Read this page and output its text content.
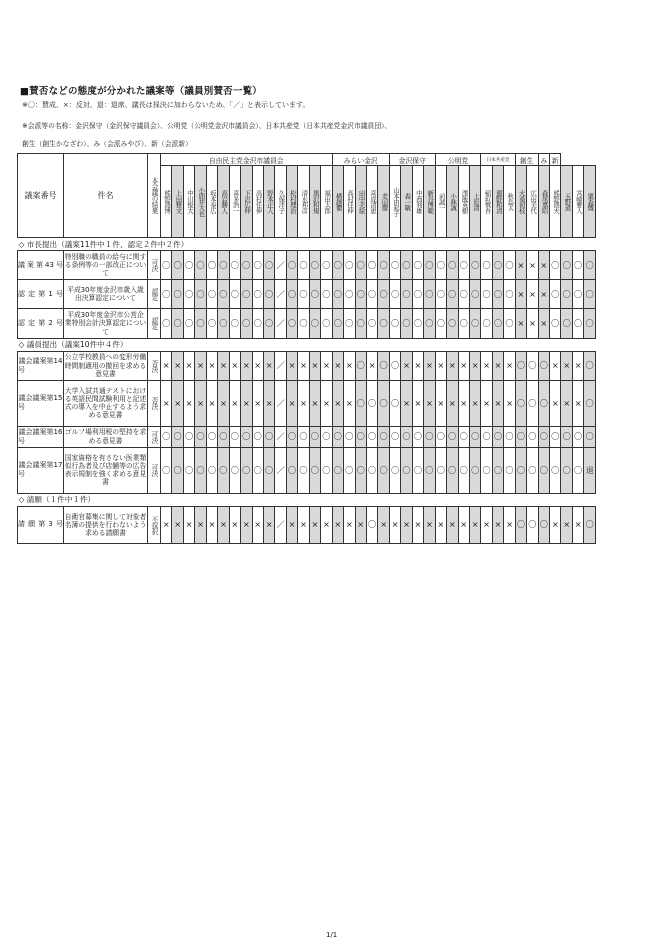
■賛否などの態度が分かれた議案等（議員別賛否一覧）
※〇：賛成、×：反対、退：退席、議長は採決に加わらないため、「／」と表示しています。
※会派等の名称：金沢保守（金沢保守議員会）、公明党（公明党金沢市議員会）、日本共産党（日本共産党金沢市議員団）、
創生（創生かなざわ）、み（会派みやび）、新（会派新）
議案番号	件名	本会議の結果	自由民主党金沢市議員会															みらい金沢					金沢保守				公明党				日本共産党			創生		み	新			
			熊野盛博	上田雅文	中川俊大	小間井大也	坂本泰広	高岩勝人	喜多浩一	下沢広伸	高村佳伸	野本正人	久保洋子	松村理治	清水邦彦	黒沢和規	福田太郎	横越徹	高村佳伸	田中美絵	喜成清恵	麦田徹	山本由起子	森一敏	中西利雄	新谷博範	前誠一	小林誠	澤飯英樹	上原清	稲垣慎吾	源野和清	秋島太	大桑初枝	広田美代	森尾嘉昭	熊野盛夫	玉野道	宮崎雅人	粟森慨
◇ 市長提出（議案11件中１件、認定２件中２件）																																								
議案第43号	特別職の職員の給与に関する条例等の一部改正について	可決	〇	〇	〇	〇	〇	〇	〇	〇	〇	〇	／	〇	〇	〇	〇	〇	〇	〇	〇	〇	〇	〇	〇	〇	〇	〇	〇	〇	〇	〇	〇	×	×	×	〇	〇	〇	〇
認定第1号	平成30年度金沢市歳入歳出決算認定について	認定	〇	〇	〇	〇	〇	〇	〇	〇	〇	〇	／	〇	〇	〇	〇	〇	〇	〇	〇	〇	〇	〇	〇	〇	〇	〇	〇	〇	〇	〇	〇	×	×	×	〇	〇	〇	〇
認定第2号	平成30年度金沢市公営企業特別会計決算認定について	認定	〇	〇	〇	〇	〇	〇	〇	〇	〇	〇	／	〇	〇	〇	〇	〇	〇	〇	〇	〇	〇	〇	〇	〇	〇	〇	〇	〇	〇	〇	〇	×	×	×	〇	〇	〇	〇
◇ 議員提出（議案10件中４件）																																								
議会議案第14号	公立学校教員への変形労働時間制適用の撤回を求める意見書	否決	×	×	×	×	×	×	×	×	×	×	／	×	×	×	×	×	×	〇	×	〇	〇	×	×	×	×	×	×	×	×	×	×	〇	〇	〇	×	×	×	〇
議会議案第15号	大学入試共通テストにおける英語民間試験利用と記述式の導入を中止するよう求める意見書	否決	×	×	×	×	×	×	×	×	×	×	／	×	×	×	×	×	×	〇	〇	〇	〇	×	×	×	×	×	×	×	×	×	×	〇	〇	〇	×	×	×	〇
議会議案第16号	ゴルフ場利用税の堅持を求める意見書	可決	〇	〇	〇	〇	〇	〇	〇	〇	〇	〇	／	〇	〇	〇	〇	〇	〇	〇	〇	〇	〇	〇	〇	〇	〇	〇	〇	〇	〇	〇	〇	〇	〇	〇	〇	〇	〇	〇
議会議案第17号	国家資格を有さない医業類似行為者及び店舗等の広告表示規制を強く求める意見書	可決	〇	〇	〇	〇	〇	〇	〇	〇	〇	〇	／	〇	〇	〇	〇	〇	〇	〇	〇	〇	〇	〇	〇	〇	〇	〇	〇	〇	〇	〇	〇	〇	〇	〇	〇	〇	〇	退
◇ 請願（１件中１件）																																								
請願第3号	自衛官募集に関して対象者名簿の提供を行わないよう求める請願書	不採択	×	×	×	×	×	×	×	×	×	×	／	×	×	×	×	×	×	×	〇	×	×	×	×	×	×	×	×	×	×	×	×	〇	〇	〇	×	×	×	〇
1/1
